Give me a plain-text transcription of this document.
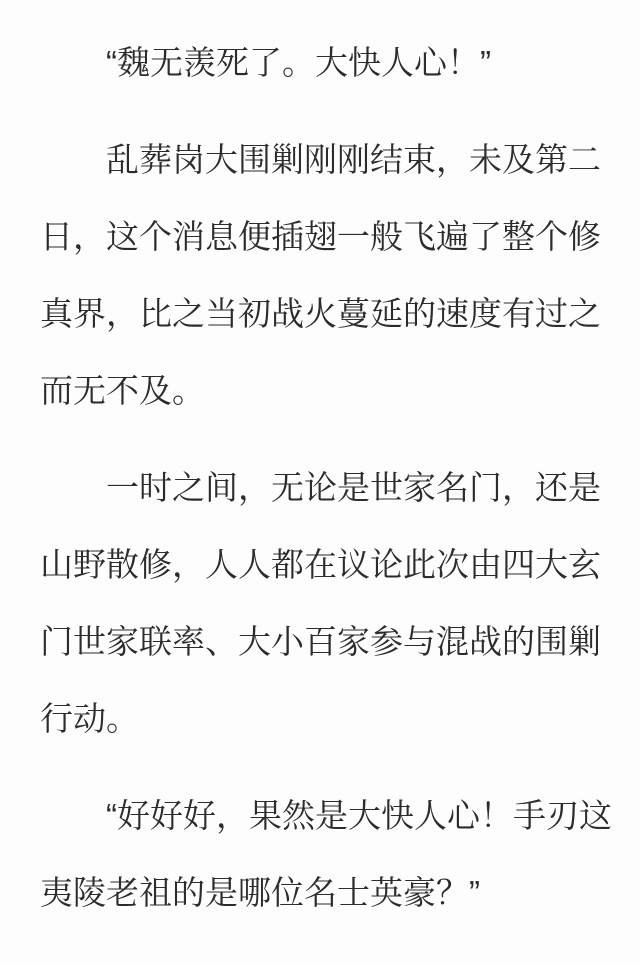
“魏无羡死了。大快人心！”
乱葬岗大围剿刚刚结束，未及第二
日，这个消息便插翅一般飞遍了整个修
真界，比之当初战火蔓延的速度有过之
而无不及。
一时之间，无论是世家名门，还是
山野散修，人人都在议论此次由四大玄
门世家联率、大小百家参与混战的围剿
行动。
“好好好，果然是大快人心！手刃这
夷陵老祖的是哪位名士英豪？”
